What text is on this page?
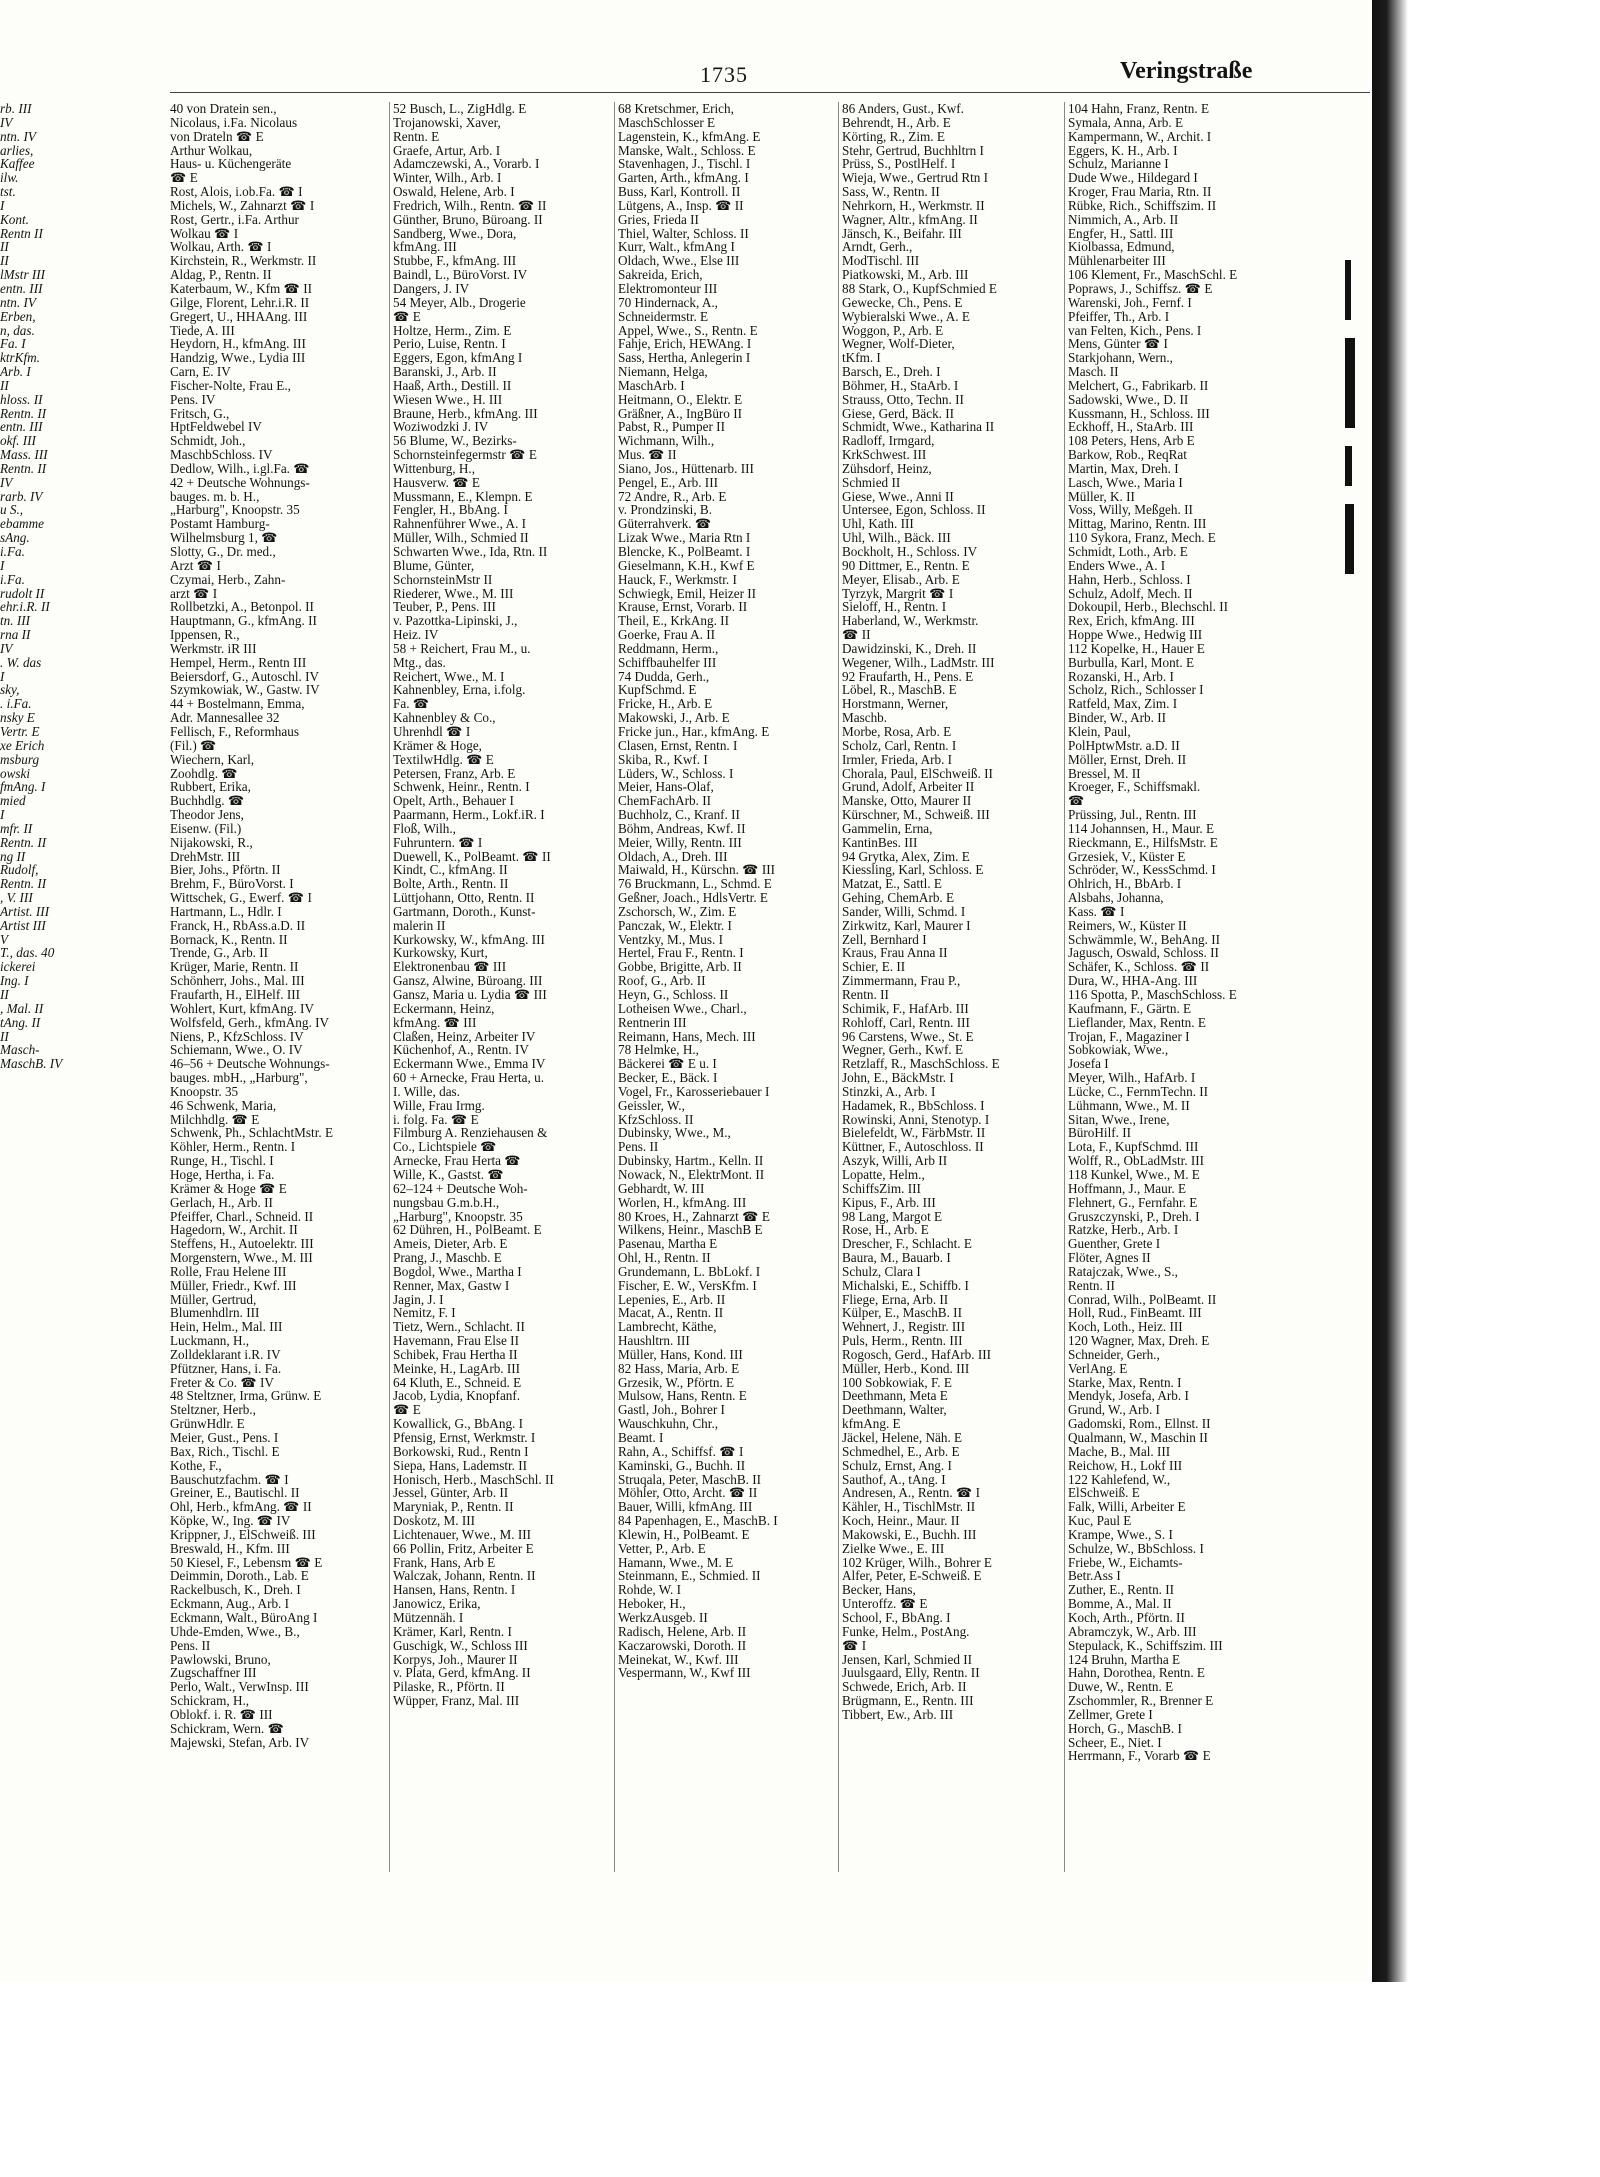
1735	Veringstraße
rb. III
IV
ntn. IV
arlies,
Kaffee
ilw.
tst.
I
Kont.
Rentn II
II
II
lMstr III
entn. III
ntn. IV
Erben,
n, das.
Fa. I
ktrKfm.
Arb. I
II
hloss. II
Rentn. II
entn. III
okf. III
Mass. III
Rentn. II
IV
rarb. IV
u S.,
ebamme
sAng.
i.Fa.
I
i.Fa.
rudolt II
ehr.i.R. II
tn. III
rna II
IV
. W. das
I
sky,
. i.Fa.
nsky E
Vertr. E
xe Erich
msburg
owski
fmAng. I
mied
I
mfr. II
Rentn. II
ng II
Rudolf,
Rentn. II
, V. III
Artist. III
Artist III
V
T., das. 40
ickerei
Ing. I
II
, Mal. II
tAng. II
II
Masch-
MaschB. IV
40 von Dratein sen.,
Nicolaus, i.Fa. Nicolaus
von Drateln ☎ E
Arthur Wolkau,
Haus- u. Küchengeräte
☎ E
Rost, Alois, i.ob.Fa. ☎ I
Michels, W., Zahnarzt ☎ I
Rost, Gertr., i.Fa. Arthur
Wolkau ☎ I
Wolkau, Arth. ☎ I
Kirchstein, R., Werkmstr. II
Aldag, P., Rentn. II
Katerbaum, W., Kfm ☎ II
Gilge, Florent, Lehr.i.R. II
Gregert, U., HHAAng. III
Tiede, A. III
Heydorn, H., kfmAng. III
Handzig, Wwe., Lydia III
Carn, E. IV
Fischer-Nolte, Frau E.,
Pens. IV
Fritsch, G.,
HptFeldwebel IV
Schmidt, Joh.,
MaschbSchloss. IV
Dedlow, Wilh., i.gl.Fa. ☎
42 + Deutsche Wohnungs-
bauges. m. b. H.,
„Harburg", Knoopstr. 35
Postamt Hamburg-
Wilhelmsburg 1, ☎
Slotty, G., Dr. med.,
Arzt ☎ I
Czymai, Herb., Zahn-
arzt ☎ I
Rollbetzki, A., Betonpol. II
Hauptmann, G., kfmAng. II
Ippensen, R.,
Werkmstr. iR III
Hempel, Herm., Rentn III
Beiersdorf, G., Autoschl. IV
Szymkowiak, W., Gastw. IV
44 + Bostelmann, Emma,
Adr. Mannesallee 32
Fellisch, F., Reformhaus
(Fil.) ☎
Wiechern, Karl,
Zoohdlg. ☎
Rubbert, Erika,
Buchhdlg. ☎
Theodor Jens,
Eisenw. (Fil.)
Nijakowski, R.,
DrehMstr. III
Bier, Johs., Pförtn. II
Brehm, F., BüroVorst. I
Wittschek, G., Ewerf. ☎ I
Hartmann, L., Hdlr. I
Franck, H., RbAss.a.D. II
Bornack, K., Rentn. II
Trende, G., Arb. II
Krüger, Marie, Rentn. II
Schönherr, Johs., Mal. III
Fraufarth, H., ElHelf. III
Wohlert, Kurt, kfmAng. IV
Wolfsfeld, Gerh., kfmAng. IV
Niens, P., KfzSchloss. IV
Schiemann, Wwe., O. IV
46–56 + Deutsche Wohnungs-
bauges. mbH., „Harburg",
Knoopstr. 35
46 Schwenk, Maria,
Milchhdlg. ☎ E
Schwenk, Ph., SchlachtMstr. E
Köhler, Herm., Rentn. I
Runge, H., Tischl. I
Hoge, Hertha, i. Fa.
Krämer & Hoge ☎ E
Gerlach, H., Arb. II
Pfeiffer, Charl., Schneid. II
Hagedorn, W., Archit. II
Steffens, H., Autoelektr. III
Morgenstern, Wwe., M. III
Rolle, Frau Helene III
Müller, Friedr., Kwf. III
Müller, Gertrud,
Blumenhdlrn. III
Hein, Helm., Mal. III
Luckmann, H.,
Zolldeklarant i.R. IV
Pfützner, Hans, i. Fa.
Freter & Co. ☎ IV
48 Steltzner, Irma, Grünw. E
Steltzner, Herb.,
GrünwHdlr. E
Meier, Gust., Pens. I
Bax, Rich., Tischl. E
Kothe, F.,
Bauschutzfachm. ☎ I
Greiner, E., Bautischl. II
Ohl, Herb., kfmAng. ☎ II
Köpke, W., Ing. ☎ IV
Krippner, J., ElSchweiß. III
Breswald, H., Kfm. III
50 Kiesel, F., Lebensm ☎ E
Deimmin, Doroth., Lab. E
Rackelbusch, K., Dreh. I
Eckmann, Aug., Arb. I
Eckmann, Walt., BüroAng I
Uhde-Emden, Wwe., B.,
Pens. II
Pawlowski, Bruno,
Zugschaffner III
Perlo, Walt., VerwInsp. III
Schickram, H.,
Oblokf. i. R. ☎ III
Schickram, Wern. ☎
Majewski, Stefan, Arb. IV
52 Busch, L., ZigHdlg. E
Trojanowski, Xaver,
Rentn. E
Graefe, Artur, Arb. I
Adamczewski, A., Vorarb. I
Winter, Wilh., Arb. I
Oswald, Helene, Arb. I
Fredrich, Wilh., Rentn. ☎ II
Günther, Bruno, Büroang. II
Sandberg, Wwe., Dora,
kfmAng. III
Stubbe, F., kfmAng. III
Baindl, L., BüroVorst. IV
Dangers, J. IV
54 Meyer, Alb., Drogerie
☎ E
Holtze, Herm., Zim. E
Perio, Luise, Rentn. I
Eggers, Egon, kfmAng I
Baranski, J., Arb. II
Haaß, Arth., Destill. II
Wiesen Wwe., H. III
Braune, Herb., kfmAng. III
Woziwodzki J. IV
56 Blume, W., Bezirks-
Schornsteinfegermstr ☎ E
Wittenburg, H.,
Hausverw. ☎ E
Mussmann, E., Klempn. E
Fengler, H., BbAng. I
Rahnenführer Wwe., A. I
Müller, Wilh., Schmied II
Schwarten Wwe., Ida, Rtn. II
Blume, Günter,
SchornsteinMstr II
Riederer, Wwe., M. III
Teuber, P., Pens. III
v. Pazottka-Lipinski, J.,
Heiz. IV
58 + Reichert, Frau M., u.
Mtg., das.
Reichert, Wwe., M. I
Kahnenbley, Erna, i.folg.
Fa. ☎
Kahnenbley & Co.,
Uhrenhdl ☎ I
Krämer & Hoge,
TextilwHdlg. ☎ E
Petersen, Franz, Arb. E
Schwenk, Heinr., Rentn. I
Opelt, Arth., Behauer I
Paarmann, Herm., Lokf.iR. I
Floß, Wilh.,
Fuhruntern. ☎ I
Duewell, K., PolBeamt. ☎ II
Kindt, C., kfmAng. II
Bolte, Arth., Rentn. II
Lüttjohann, Otto, Rentn. II
Gartmann, Doroth., Kunst-
malerin II
Kurkowsky, W., kfmAng. III
Kurkowsky, Kurt,
Elektronenbau ☎ III
Gansz, Alwine, Büroang. III
Gansz, Maria u. Lydia ☎ III
Eckermann, Heinz,
kfmAng. ☎ III
Claßen, Heinz, Arbeiter IV
Küchenhof, A., Rentn. IV
Eckermann Wwe., Emma IV
60 + Arnecke, Frau Herta, u.
I. Wille, das.
Wille, Frau Irmg.
i. folg. Fa. ☎ E
Filmburg A. Renziehausen &
Co., Lichtspiele ☎
Arnecke, Frau Herta ☎
Wille, K., Gastst. ☎
62–124 + Deutsche Woh-
nungsbau G.m.b.H.,
„Harburg", Knoopstr. 35
62 Dühren, H., PolBeamt. E
Ameis, Dieter, Arb. E
Prang, J., Maschb. E
Bogdol, Wwe., Martha I
Renner, Max, Gastw I
Jagin, J. I
Nemitz, F. I
Tietz, Wern., Schlacht. II
Havemann, Frau Else II
Schibek, Frau Hertha II
Meinke, H., LagArb. III
64 Kluth, E., Schneid. E
Jacob, Lydia, Knopfanf.
☎ E
Kowallick, G., BbAng. I
Pfensig, Ernst, Werkmstr. I
Borkowski, Rud., Rentn I
Siepa, Hans, Lademstr. II
Honisch, Herb., MaschSchl. II
Jessel, Günter, Arb. II
Maryniak, P., Rentn. II
Doskotz, M. III
Lichtenauer, Wwe., M. III
66 Pollin, Fritz, Arbeiter E
Frank, Hans, Arb E
Walczak, Johann, Rentn. II
Hansen, Hans, Rentn. I
Janowicz, Erika,
Mützennäh. I
Krämer, Karl, Rentn. I
Guschigk, W., Schloss III
Korpys, Joh., Maurer II
v. Plata, Gerd, kfmAng. II
Pilaske, R., Pförtn. II
Wüpper, Franz, Mal. III
68 Kretschmer, Erich,
MaschSchlosser E
Lagenstein, K., kfmAng. E
Manske, Walt., Schloss. E
Stavenhagen, J., Tischl. I
Garten, Arth., kfmAng. I
Buss, Karl, Kontroll. II
Lütgens, A., Insp. ☎ II
Gries, Frieda II
Thiel, Walter, Schloss. II
Kurr, Walt., kfmAng I
Oldach, Wwe., Else III
Sakreida, Erich,
Elektromonteur III
70 Hindernack, A.,
Schneidermstr. E
Appel, Wwe., S., Rentn. E
Fahje, Erich, HEWAng. I
Sass, Hertha, Anlegerin I
Niemann, Helga,
MaschArb. I
Heitmann, O., Elektr. E
Gräßner, A., IngBüro II
Pabst, R., Pumper II
Wichmann, Wilh.,
Mus. ☎ II
Siano, Jos., Hüttenarb. III
Pengel, E., Arb. III
72 Andre, R., Arb. E
v. Prondzinski, B.
Güterrahverk. ☎
Lizak Wwe., Maria Rtn I
Blencke, K., PolBeamt. I
Gieselmann, K.H., Kwf E
Hauck, F., Werkmstr. I
Schwiegk, Emil, Heizer II
Krause, Ernst, Vorarb. II
Theil, E., KrkAng. II
Goerke, Frau A. II
Reddmann, Herm.,
Schiffbauhelfer III
74 Dudda, Gerh.,
KupfSchmd. E
Fricke, H., Arb. E
Makowski, J., Arb. E
Fricke jun., Har., kfmAng. E
Clasen, Ernst, Rentn. I
Skiba, R., Kwf. I
Lüders, W., Schloss. I
Meier, Hans-Olaf,
ChemFachArb. II
Buchholz, C., Kranf. II
Böhm, Andreas, Kwf. II
Meier, Willy, Rentn. III
Oldach, A., Dreh. III
Maiwald, H., Kürschn. ☎ III
76 Bruckmann, L., Schmd. E
Geßner, Joach., HdlsVertr. E
Zschorsch, W., Zim. E
Panczak, W., Elektr. I
Ventzky, M., Mus. I
Hertel, Frau F., Rentn. I
Gobbe, Brigitte, Arb. II
Roof, G., Arb. II
Heyn, G., Schloss. II
Lotheisen Wwe., Charl.,
Rentnerin III
Reimann, Hans, Mech. III
78 Helmke, H.,
Bäckerei ☎ E u. I
Becker, E., Bäck. I
Vogel, Fr., Karosseriebauer I
Geissler, W.,
KfzSchloss. II
Dubinsky, Wwe., M.,
Pens. II
Dubinsky, Hartm., Kelln. II
Nowack, N., ElektrMont. II
Gebhardt, W. III
Worlen, H., kfmAng. III
80 Kroes, H., Zahnarzt ☎ E
Wilkens, Heinr., MaschB E
Pasenau, Martha E
Ohl, H., Rentn. II
Grundemann, L. BbLokf. I
Fischer, E. W., VersKfm. I
Lepenies, E., Arb. II
Macat, A., Rentn. II
Lambrecht, Käthe,
Haushltrn. III
Müller, Hans, Kond. III
82 Hass, Maria, Arb. E
Grzesik, W., Pförtn. E
Mulsow, Hans, Rentn. E
Gastl, Joh., Bohrer I
Wauschkuhn, Chr.,
Beamt. I
Rahn, A., Schiffsf. ☎ I
Kaminski, G., Buchh. II
Struqala, Peter, MaschB. II
Möhler, Otto, Archt. ☎ II
Bauer, Willi, kfmAng. III
84 Papenhagen, E., MaschB. I
Klewin, H., PolBeamt. E
Vetter, P., Arb. E
Hamann, Wwe., M. E
Steinmann, E., Schmied. II
Rohde, W. I
Heboker, H.,
WerkzAusgeb. II
Radisch, Helene, Arb. II
Kaczarowski, Doroth. II
Meinekat, W., Kwf. III
Vespermann, W., Kwf III
86 Anders, Gust., Kwf.
Behrendt, H., Arb. E
Körting, R., Zim. E
Stehr, Gertrud, Buchhltrn I
Prüss, S., PostlHelf. I
Wieja, Wwe., Gertrud Rtn I
Sass, W., Rentn. II
Nehrkorn, H., Werkmstr. II
Wagner, Altr., kfmAng. II
Jänsch, K., Beifahr. III
Arndt, Gerh.,
ModTischl. III
Piatkowski, M., Arb. III
88 Stark, O., KupfSchmied E
Gewecke, Ch., Pens. E
Wybieralski Wwe., A. E
Woggon, P., Arb. E
Wegner, Wolf-Dieter,
tKfm. I
Barsch, E., Dreh. I
Böhmer, H., StaArb. I
Strauss, Otto, Techn. II
Giese, Gerd, Bäck. II
Schmidt, Wwe., Katharina II
Radloff, Irmgard,
KrkSchwest. III
Zühsdorf, Heinz,
Schmied II
Giese, Wwe., Anni II
Untersee, Egon, Schloss. II
Uhl, Kath. III
Uhl, Wilh., Bäck. III
Bockholt, H., Schloss. IV
90 Dittmer, E., Rentn. E
Meyer, Elisab., Arb. E
Tyrzyk, Margrit ☎ I
Sieloff, H., Rentn. I
Haberland, W., Werkmstr.
☎ II
Dawidzinski, K., Dreh. II
Wegener, Wilh., LadMstr. III
92 Fraufarth, H., Pens. E
Löbel, R., MaschB. E
Horstmann, Werner,
Maschb.
Morbe, Rosa, Arb. E
Scholz, Carl, Rentn. I
Irmler, Frieda, Arb. I
Chorala, Paul, ElSchweiß. II
Grund, Adolf, Arbeiter II
Manske, Otto, Maurer II
Kürschner, M., Schweiß. III
Gammelin, Erna,
KantinBes. III
94 Grytka, Alex, Zim. E
Kiessling, Karl, Schloss. E
Matzat, E., Sattl. E
Gehing, ChemArb. E
Sander, Willi, Schmd. I
Zirkwitz, Karl, Maurer I
Zell, Bernhard I
Kraus, Frau Anna II
Schier, E. II
Zimmermann, Frau P.,
Rentn. II
Schimik, F., HafArb. III
Rohloff, Carl, Rentn. III
96 Carstens, Wwe., St. E
Wegner, Gerh., Kwf. E
Retzlaff, R., MaschSchloss. E
John, E., BäckMstr. I
Stinzki, A., Arb. I
Hadamek, R., BbSchloss. I
Rowinski, Anni, Stenotyp. I
Bielefeldt, W., FärbMstr. II
Küttner, F., Autoschloss. II
Aszyk, Willi, Arb II
Lopatte, Helm.,
SchiffsZim. III
Kipus, F., Arb. III
98 Lang, Margot E
Rose, H., Arb. E
Drescher, F., Schlacht. E
Baura, M., Bauarb. I
Schulz, Clara I
Michalski, E., Schiffb. I
Fliege, Erna, Arb. II
Külper, E., MaschB. II
Wehnert, J., Registr. III
Puls, Herm., Rentn. III
Rogosch, Gerd., HafArb. III
Müller, Herb., Kond. III
100 Sobkowiak, F. E
Deethmann, Meta E
Deethmann, Walter,
kfmAng. E
Jäckel, Helene, Näh. E
Schmedhel, E., Arb. E
Schulz, Ernst, Ang. I
Sauthof, A., tAng. I
Andresen, A., Rentn. ☎ I
Kähler, H., TischlMstr. II
Koch, Heinr., Maur. II
Makowski, E., Buchh. III
Zielke Wwe., E. III
102 Krüger, Wilh., Bohrer E
Alfer, Peter, E-Schweiß. E
Becker, Hans,
Unteroffz. ☎ E
School, F., BbAng. I
Funke, Helm., PostAng.
☎ I
Jensen, Karl, Schmied II
Juulsgaard, Elly, Rentn. II
Schwede, Erich, Arb. II
Brügmann, E., Rentn. III
Tibbert, Ew., Arb. III
104 Hahn, Franz, Rentn. E
Symala, Anna, Arb. E
Kampermann, W., Archit. I
Eggers, K. H., Arb. I
Schulz, Marianne I
Dude Wwe., Hildegard I
Kroger, Frau Maria, Rtn. II
Rübke, Rich., Schiffszim. II
Nimmich, A., Arb. II
Engfer, H., Sattl. III
Kiolbassa, Edmund,
Mühlenarbeiter III
106 Klement, Fr., MaschSchl. E
Popraws, J., Schiffsz. ☎ E
Warenski, Joh., Fernf. I
Pfeiffer, Th., Arb. I
van Felten, Kich., Pens. I
Mens, Günter ☎ I
Starkjohann, Wern.,
Masch. II
Melchert, G., Fabrikarb. II
Sadowski, Wwe., D. II
Kussmann, H., Schloss. III
Eckhoff, H., StaArb. III
108 Peters, Hens, Arb E
Barkow, Rob., ReqRat
Martin, Max, Dreh. I
Lasch, Wwe., Maria I
Müller, K. II
Voss, Willy, Meßgeh. II
Mittag, Marino, Rentn. III
110 Sykora, Franz, Mech. E
Schmidt, Loth., Arb. E
Enders Wwe., A. I
Hahn, Herb., Schloss. I
Schulz, Adolf, Mech. II
Dokoupil, Herb., Blechschl. II
Rex, Erich, kfmAng. III
Hoppe Wwe., Hedwig III
112 Kopelke, H., Hauer E
Burbulla, Karl, Mont. E
Rozanski, H., Arb. I
Scholz, Rich., Schlosser I
Ratfeld, Max, Zim. I
Binder, W., Arb. II
Klein, Paul,
PolHptwMstr. a.D. II
Möller, Ernst, Dreh. II
Bressel, M. II
Kroeger, F., Schiffsmakl.
☎
Prüssing, Jul., Rentn. III
114 Johannsen, H., Maur. E
Rieckmann, E., HilfsMstr. E
Grzesiek, V., Küster E
Schröder, W., KessSchmd. I
Ohlrich, H., BbArb. I
Alsbahs, Johanna,
Kass. ☎ I
Reimers, W., Küster II
Schwämmle, W., BehAng. II
Jagusch, Oswald, Schloss. II
Schäfer, K., Schloss. ☎ II
Dura, W., HHA-Ang. III
116 Spotta, P., MaschSchloss. E
Kaufmann, F., Gärtn. E
Lieflander, Max, Rentn. E
Trojan, F., Magaziner I
Sobkowiak, Wwe.,
Josefa I
Meyer, Wilh., HafArb. I
Lücke, C., FernmTechn. II
Lühmann, Wwe., M. II
Sitan, Wwe., Irene,
BüroHilf. II
Lota, F., KupfSchmd. III
Wolff, R., ObLadMstr. III
118 Kunkel, Wwe., M. E
Hoffmann, J., Maur. E
Flehnert, G., Fernfahr. E
Gruszczynski, P., Dreh. I
Ratzke, Herb., Arb. I
Guenther, Grete I
Flöter, Agnes II
Ratajczak, Wwe., S.,
Rentn. II
Conrad, Wilh., PolBeamt. II
Holl, Rud., FinBeamt. III
Koch, Loth., Heiz. III
120 Wagner, Max, Dreh. E
Schneider, Gerh.,
VerlAng. E
Starke, Max, Rentn. I
Mendyk, Josefa, Arb. I
Grund, W., Arb. I
Gadomski, Rom., Ellnst. II
Qualmann, W., Maschin II
Mache, B., Mal. III
Reichow, H., Lokf III
122 Kahlefend, W.,
ElSchweiß. E
Falk, Willi, Arbeiter E
Kuc, Paul E
Krampe, Wwe., S. I
Schulze, W., BbSchloss. I
Friebe, W., Eichamts-
Betr.Ass I
Zuther, E., Rentn. II
Bomme, A., Mal. II
Koch, Arth., Pförtn. II
Abramczyk, W., Arb. III
Stepulack, K., Schiffszim. III
124 Bruhn, Martha E
Hahn, Dorothea, Rentn. E
Duwe, W., Rentn. E
Zschommler, R., Brenner E
Zellmer, Grete I
Horch, G., MaschB. I
Scheer, E., Niet. I
Herrmann, F., Vorarb ☎ E
